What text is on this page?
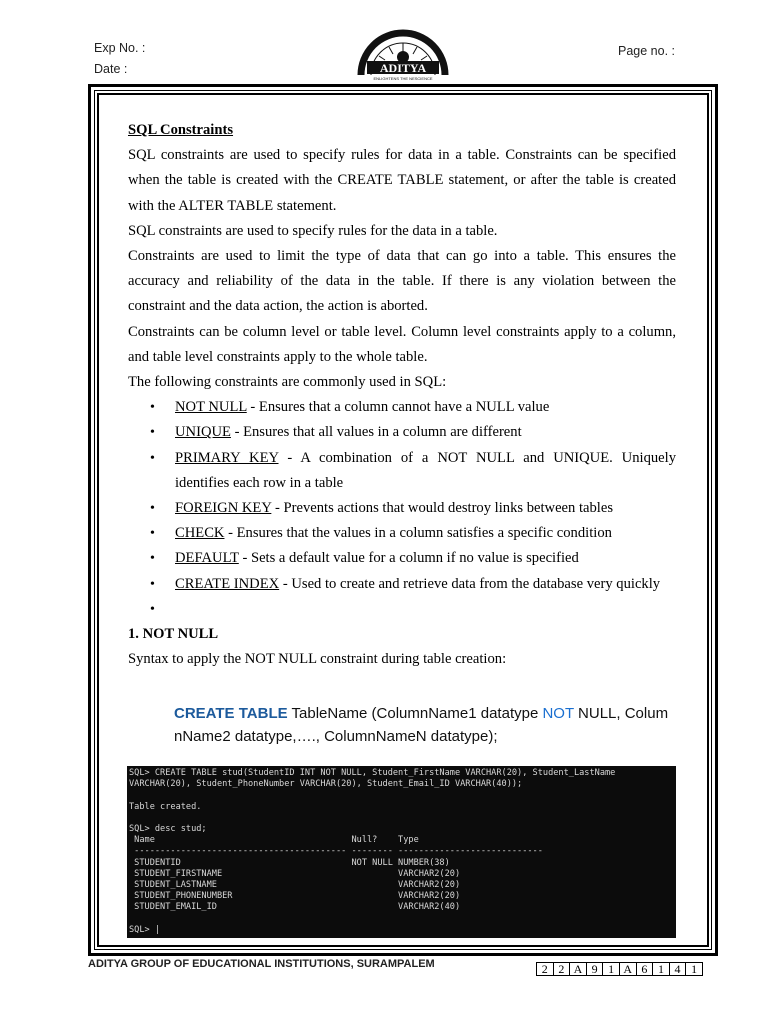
Exp No. :
Date :
Page no. :
ADITYA
ENLIGHTENS THE NESCIENCE
SQL Constraints
SQL constraints are used to specify rules for data in a table. Constraints can be specified when the table is created with the CREATE TABLE statement, or after the table is created with the ALTER TABLE statement.
SQL constraints are used to specify rules for the data in a table.
Constraints are used to limit the type of data that can go into a table. This ensures the accuracy and reliability of the data in the table. If there is any violation between the constraint and the data action, the action is aborted.
Constraints can be column level or table level. Column level constraints apply to a column, and table level constraints apply to the whole table.
The following constraints are commonly used in SQL:
• NOT NULL - Ensures that a column cannot have a NULL value
• UNIQUE - Ensures that all values in a column are different
• PRIMARY KEY - A combination of a NOT NULL and UNIQUE. Uniquely identifies each row in a table
• FOREIGN KEY - Prevents actions that would destroy links between tables
• CHECK - Ensures that the values in a column satisfies a specific condition
• DEFAULT - Sets a default value for a column if no value is specified
• CREATE INDEX - Used to create and retrieve data from the database very quickly
•
1. NOT NULL
Syntax to apply the NOT NULL constraint during table creation:
CREATE TABLE TableName (ColumnName1 datatype NOT NULL, Colum nName2 datatype,…., ColumnNameN datatype);
SQL> CREATE TABLE stud(StudentID INT NOT NULL, Student_FirstName VARCHAR(20), Student_LastName
VARCHAR(20), Student_PhoneNumber VARCHAR(20), Student_Email_ID VARCHAR(40));

Table created.

SQL> desc stud;
Name                                      Null?    Type
----------------------------------------- -------- ----------------------------
STUDENTID                                 NOT NULL NUMBER(38)
STUDENT_FIRSTNAME                                  VARCHAR2(20)
STUDENT_LASTNAME                                   VARCHAR2(20)
STUDENT_PHONENUMBER                                VARCHAR2(20)
STUDENT_EMAIL_ID                                   VARCHAR2(40)

SQL> |
ADITYA GROUP OF EDUCATIONAL INSTITUTIONS, SURAMPALEM	2 2 A 9 1 A 6 1 4 1
